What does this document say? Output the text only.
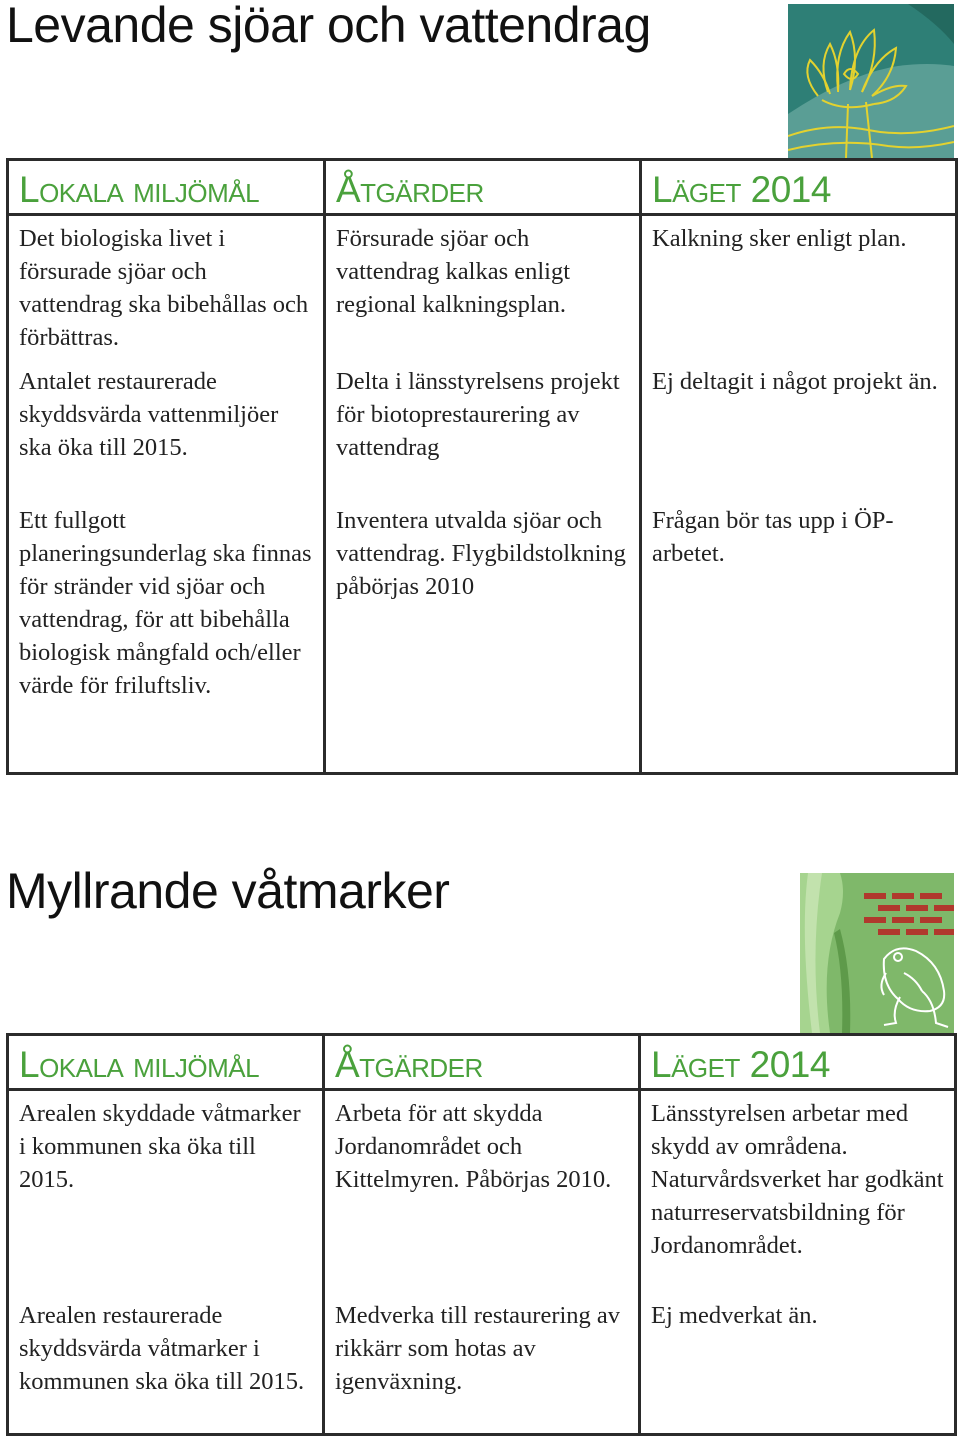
Levande sjöar och vattendrag
Lokala miljömål	Åtgärder	Läget 2014
Det biologiska livet i försurade sjöar och vattendrag ska bibehållas och förbättras.	Försurade sjöar och vattendrag kalkas enligt regional kalkningsplan.	Kalkning sker enligt plan.
Antalet restaurerade skyddsvärda vattenmiljöer ska öka till 2015.	Delta i länsstyrelsens projekt för biotoprestaurering av vattendrag	Ej deltagit i något projekt än.
Ett fullgott planeringsunderlag ska finnas för stränder vid sjöar och vattendrag, för att bibehålla biologisk mångfald och/eller värde för friluftsliv.	Inventera utvalda sjöar och vattendrag. Flygbildstolkning påbörjas 2010	Frågan bör tas upp i ÖP-arbetet.
Myllrande våtmarker
Lokala miljömål	Åtgärder	Läget 2014
Arealen skyddade våtmarker i kommunen ska öka till 2015.	Arbeta för att skydda Jordanområdet och Kittelmyren. Påbörjas 2010.	Länsstyrelsen arbetar med skydd av områdena. Naturvårdsverket har godkänt naturreservatsbildning för Jordanområdet.
Arealen restaurerade skyddsvärda våtmarker i kommunen ska öka till 2015.	Medverka till restaurering av rikkärr som hotas av igenväxning.	Ej medverkat än.
